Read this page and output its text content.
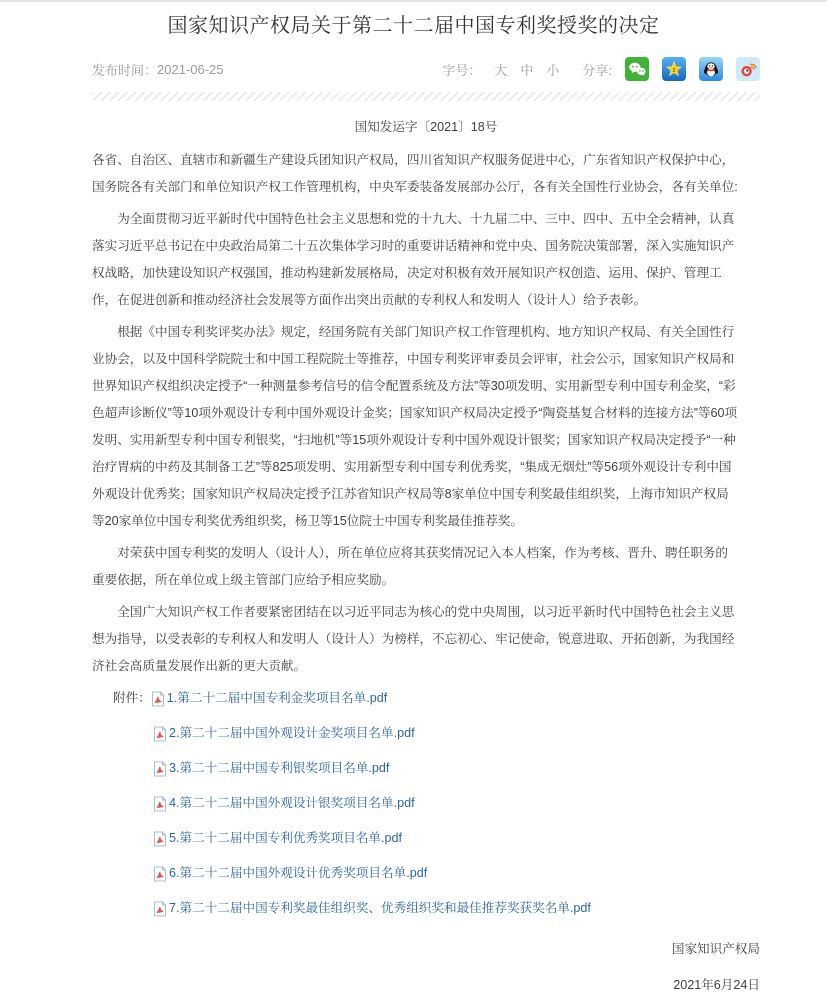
国家知识产权局关于第二十二届中国专利奖授奖的决定
发布时间： 2021-06-25	字号： 大 中 小 分享:	z

国知发运字〔2021〕18号

各省、自治区、直辖市和新疆生产建设兵团知识产权局，四川省知识产权服务促进中心，广东省知识产权保护中心，国务院各有关部门和单位知识产权工作管理机构，中央军委装备发展部办公厅，各有关全国性行业协会，各有关单位:

为全面贯彻习近平新时代中国特色社会主义思想和党的十九大、十九届二中、三中、四中、五中全会精神，认真落实习近平总书记在中央政治局第二十五次集体学习时的重要讲话精神和党中央、国务院决策部署，深入实施知识产权战略，加快建设知识产权强国，推动构建新发展格局，决定对积极有效开展知识产权创造、运用、保护、管理工作，在促进创新和推动经济社会发展等方面作出突出贡献的专利权人和发明人（设计人）给予表彰。

根据《中国专利奖评奖办法》规定，经国务院有关部门知识产权工作管理机构、地方知识产权局、有关全国性行业协会，以及中国科学院院士和中国工程院院士等推荐，中国专利奖评审委员会评审，社会公示，国家知识产权局和世界知识产权组织决定授予“一种测量参考信号的信令配置系统及方法”等30项发明、实用新型专利中国专利金奖，“彩色超声诊断仪”等10项外观设计专利中国外观设计金奖；国家知识产权局决定授予“陶瓷基复合材料的连接方法”等60项发明、实用新型专利中国专利银奖，“扫地机”等15项外观设计专利中国外观设计银奖；国家知识产权局决定授予“一种治疗胃病的中药及其制备工艺”等825项发明、实用新型专利中国专利优秀奖，“集成无烟灶”等56项外观设计专利中国外观设计优秀奖；国家知识产权局决定授予江苏省知识产权局等8家单位中国专利奖最佳组织奖，上海市知识产权局等20家单位中国专利奖优秀组织奖，杨卫等15位院士中国专利奖最佳推荐奖。

对荣获中国专利奖的发明人（设计人），所在单位应将其获奖情况记入本人档案，作为考核、晋升、聘任职务的重要依据，所在单位或上级主管部门应给予相应奖励。

全国广大知识产权工作者要紧密团结在以习近平同志为核心的党中央周围，以习近平新时代中国特色社会主义思想为指导，以受表彰的专利权人和发明人（设计人）为榜样，不忘初心、牢记使命，锐意进取、开拓创新，为我国经济社会高质量发展作出新的更大贡献。

附件： 1.第二十二届中国专利金奖项目名单.pdf
2.第二十二届中国外观设计金奖项目名单.pdf
3.第二十二届中国专利银奖项目名单.pdf
4.第二十二届中国外观设计银奖项目名单.pdf
5.第二十二届中国专利优秀奖项目名单.pdf
6.第二十二届中国外观设计优秀奖项目名单.pdf
7.第二十二届中国专利奖最佳组织奖、优秀组织奖和最佳推荐奖获奖名单.pdf

国家知识产权局

2021年6月24日
